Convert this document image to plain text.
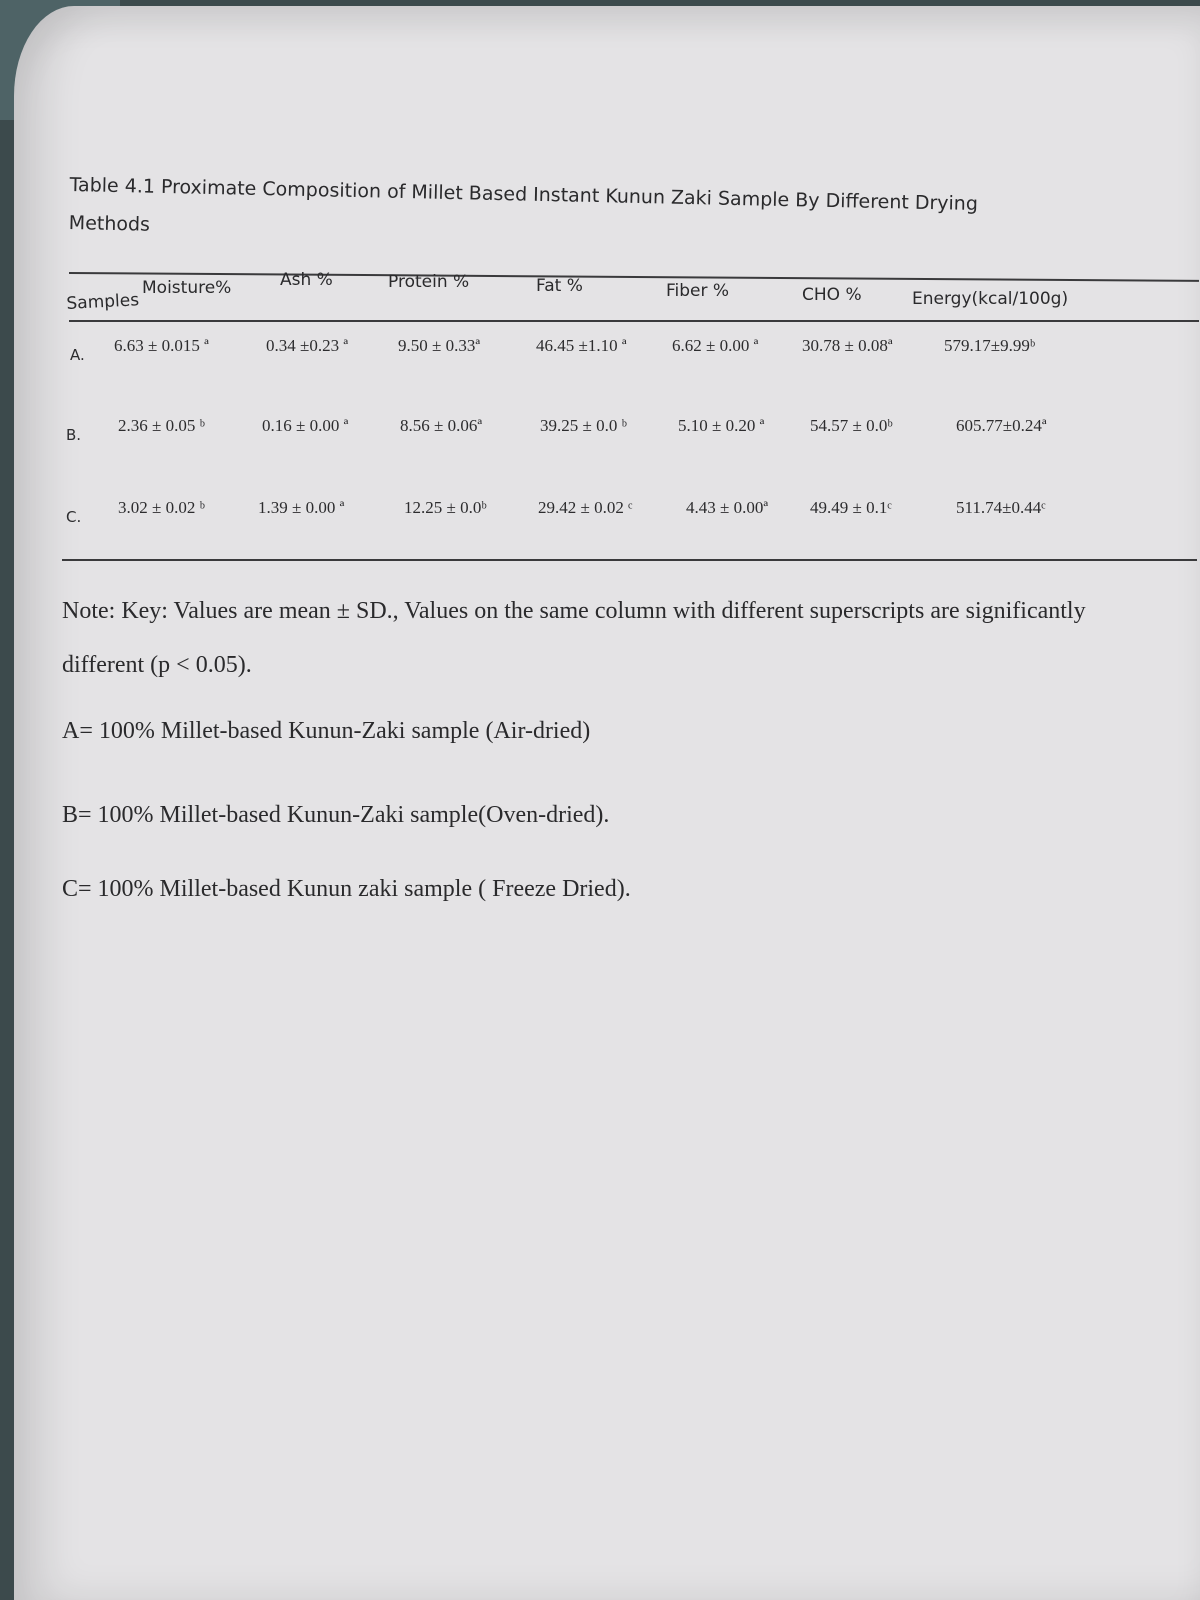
Table 4.1 Proximate Composition of Millet Based Instant Kunun Zaki Sample By Different Drying
Methods
Samples
Moisture%	Ash %	Protein %	Fat %	Fiber %	CHO %	Energy(kcal/100g)
A. 6.63 ± 0.015 ª	0.34 ±0.23 ª	9.50 ± 0.33ª	46.45 ±1.10 ª	6.62 ± 0.00 ª	30.78 ± 0.08ª	579.17±9.99ᵇ
B. 2.36 ± 0.05 ᵇ	0.16 ± 0.00 ª	8.56 ± 0.06ª	39.25 ± 0.0 ᵇ	5.10 ± 0.20 ª	54.57 ± 0.0ᵇ	605.77±0.24ª
C. 3.02 ± 0.02 ᵇ	1.39 ± 0.00 ª	12.25 ± 0.0ᵇ	29.42 ± 0.02 ᶜ	4.43 ± 0.00ª 49.49 ± 0.1ᶜ	511.74±0.44ᶜ
Note: Key: Values are mean ± SD., Values on the same column with different superscripts are significantly different (p < 0.05).
A= 100% Millet-based Kunun-Zaki sample (Air-dried)
B= 100% Millet-based Kunun-Zaki sample(Oven-dried).
C= 100% Millet-based Kunun zaki sample ( Freeze Dried).
